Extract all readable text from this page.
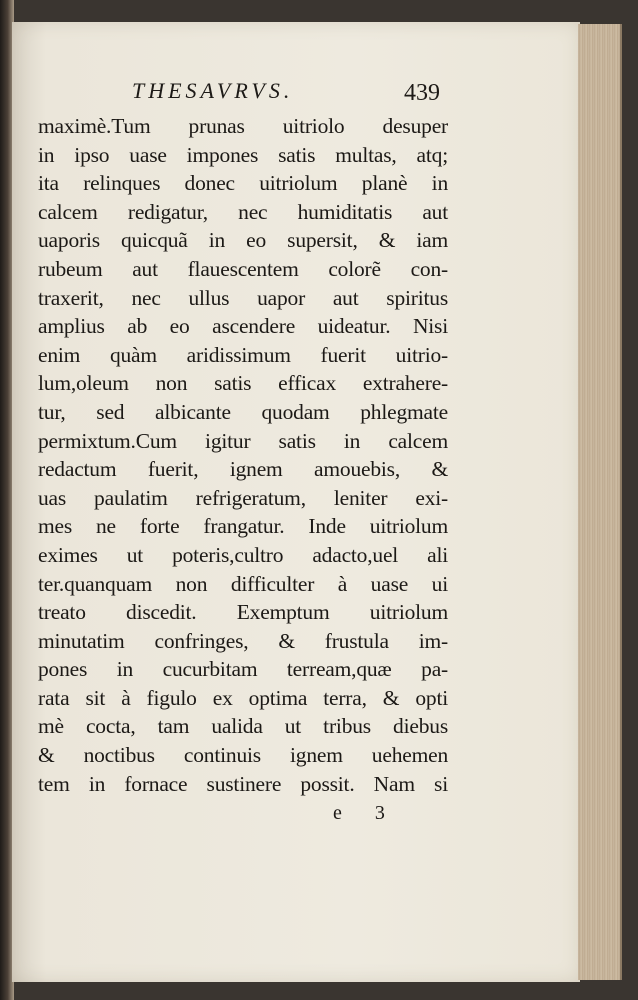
THESAVRVS.	439
maximè.Tum prunas uitriolo desuper
in ipso uase impones satis multas, atq;
ita relinques donec uitriolum planè in
calcem redigatur, nec humiditatis aut
uaporis quicquã in eo supersit, & iam
rubeum aut flauescentem colorẽ con-
traxerit, nec ullus uapor aut spiritus
amplius ab eo ascendere uideatur. Nisi
enim quàm aridissimum fuerit uitrio-
lum,oleum non satis efficax extrahere-
tur, sed albicante quodam phlegmate
permixtum.Cum igitur satis in calcem
redactum fuerit, ignem amouebis, &
uas paulatim refrigeratum, leniter exi-
mes ne forte frangatur. Inde uitriolum
eximes ut poteris,cultro adacto,uel ali
ter.quanquam non difficulter à uase ui
treato discedit. Exemptum uitriolum
minutatim confringes, & frustula im-
pones in cucurbitam terream,quæ pa-
rata sit à figulo ex optima terra, & opti
mè cocta, tam ualida ut tribus diebus
& noctibus continuis ignem uehemen
tem in fornace sustinere possit. Nam si
e 3
